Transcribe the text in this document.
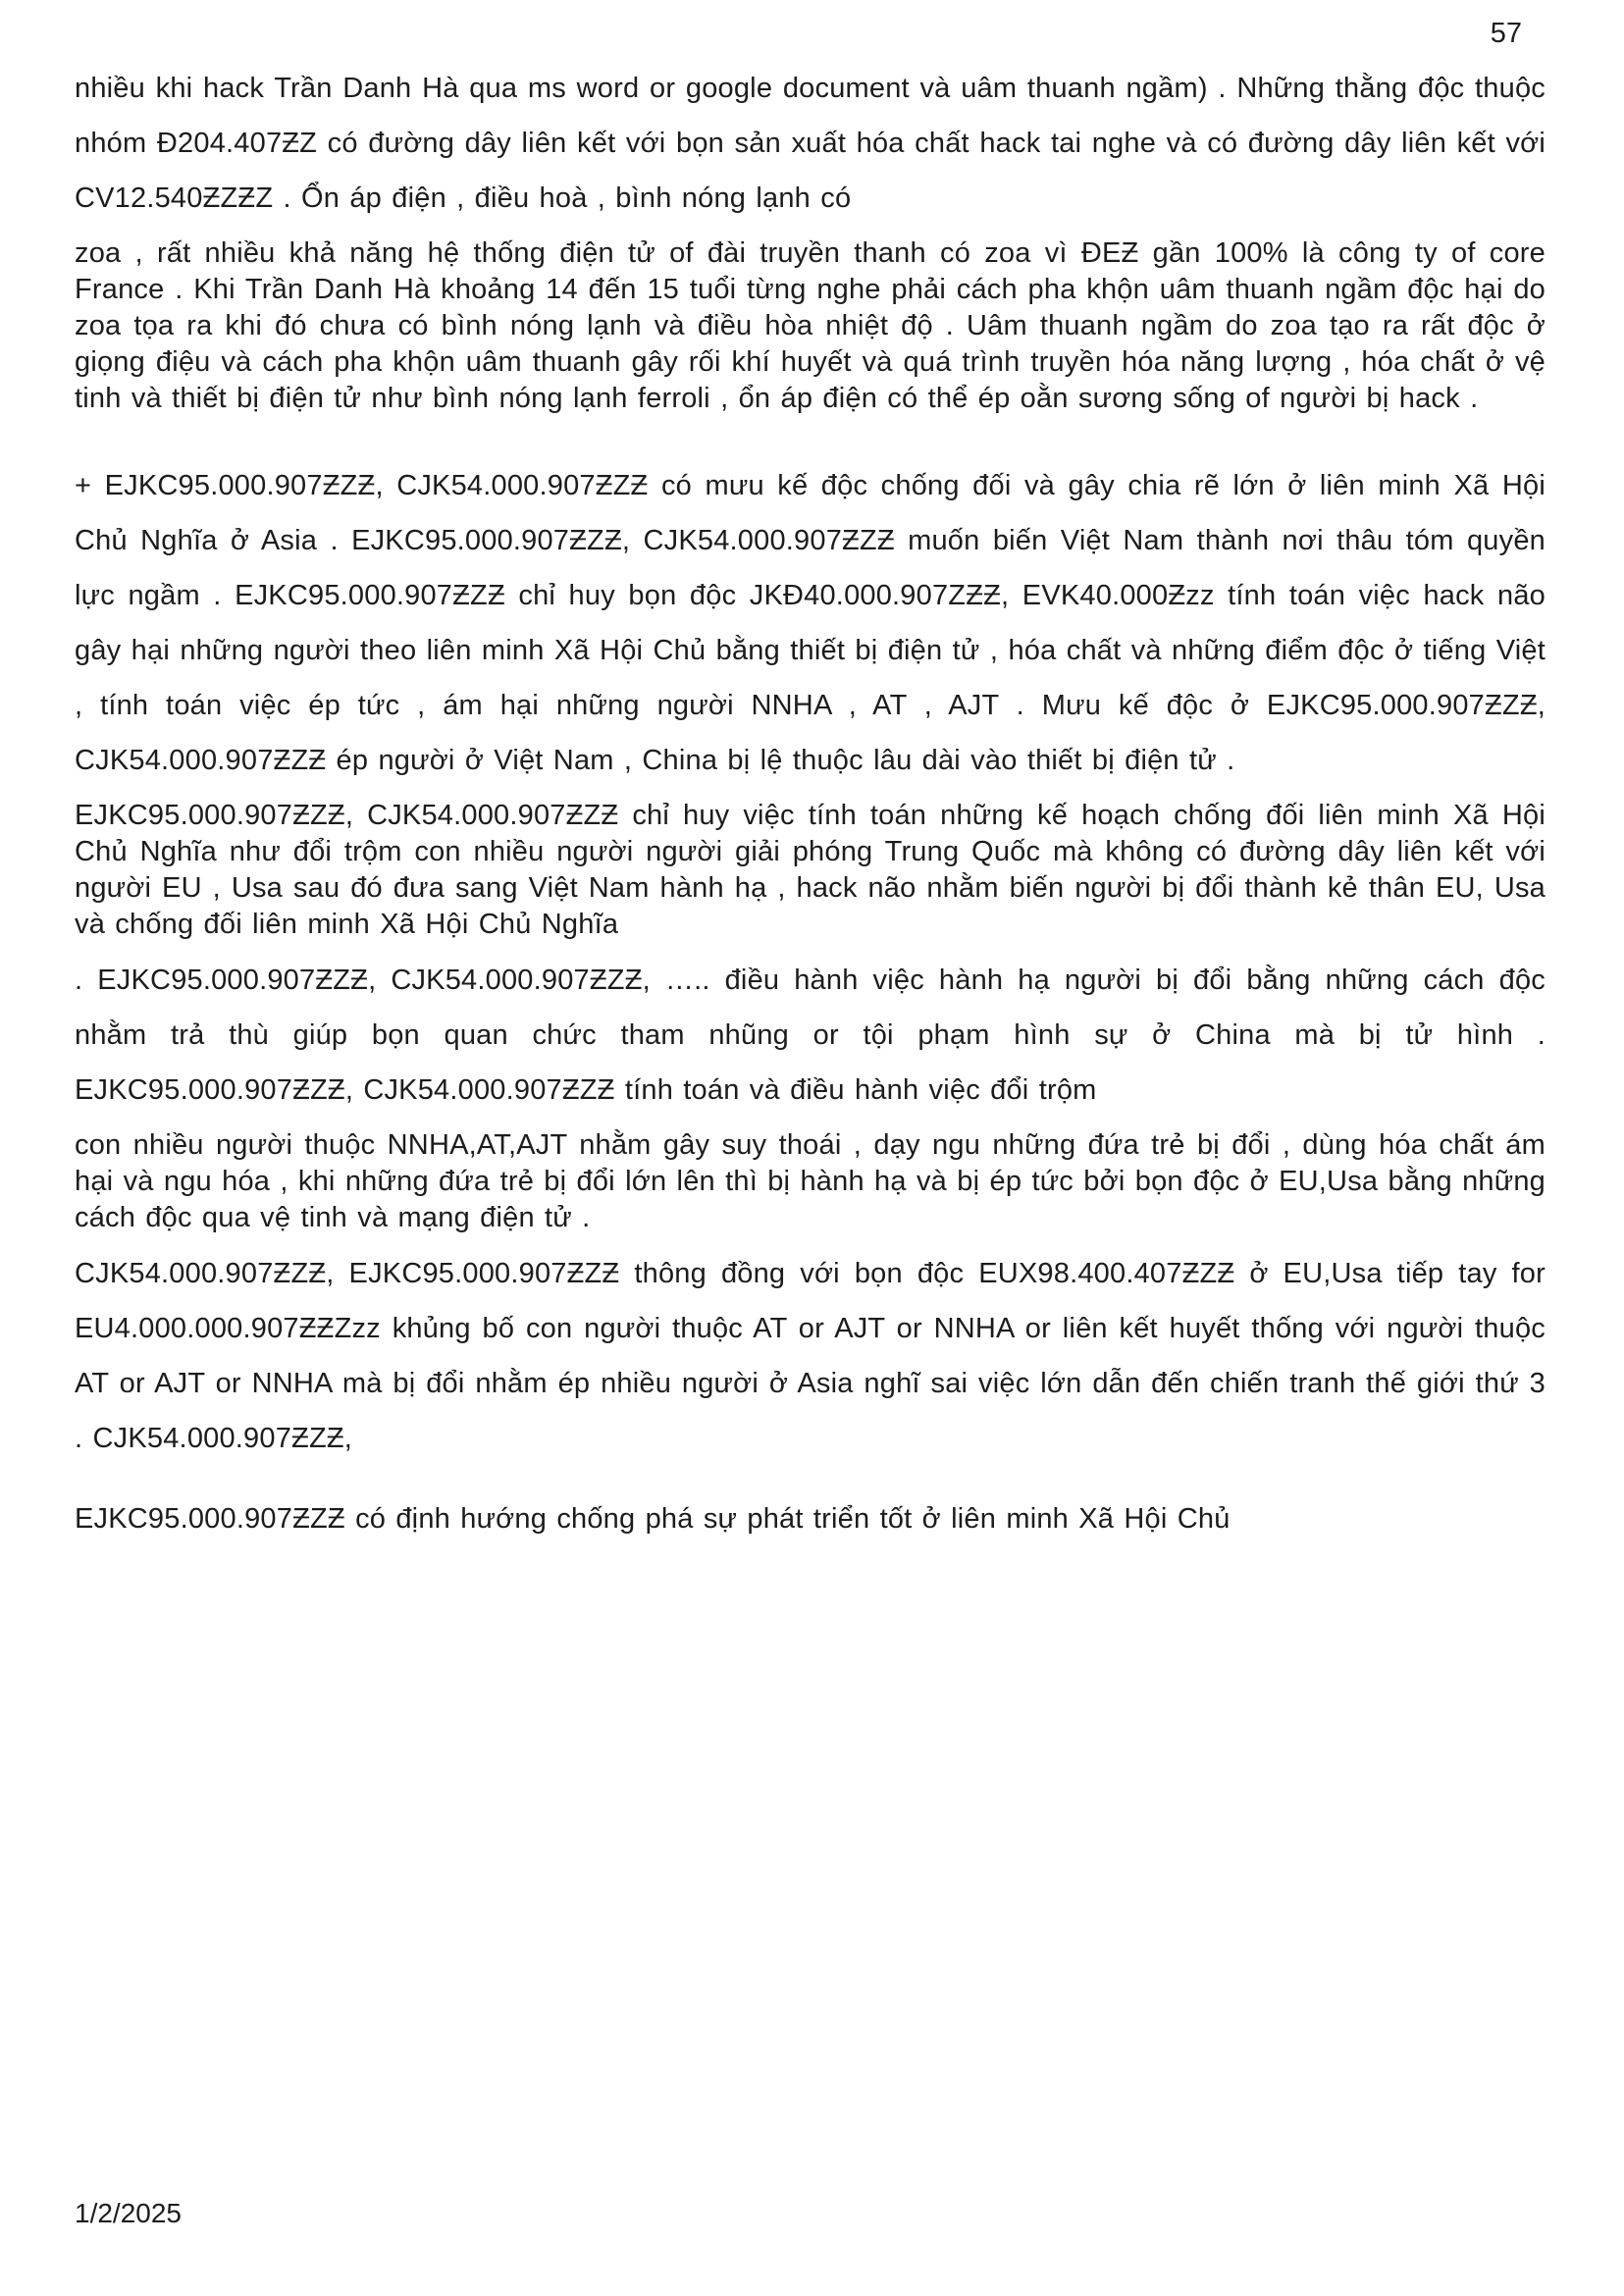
57

nhiều khi hack Trần Danh Hà qua ms word or google document và uâm thuanh ngầm) . Những thằng độc thuộc nhóm Đ204.407ƵZ có đường dây liên kết với bọn sản xuất hóa chất hack tai nghe và có đường dây liên kết với CV12.540ƵZƵZ . Ổn áp điện , điều hoà , bình nóng lạnh có

zoa , rất nhiều khả năng hệ thống điện tử of đài truyền thanh có zoa vì ĐEƵ gần 100% là công ty of core France . Khi Trần Danh Hà khoảng 14 đến 15 tuổi từng nghe phải cách pha khộn uâm thuanh ngầm độc hại do zoa tọa ra khi đó chưa có bình nóng lạnh và điều hòa nhiệt độ . Uâm thuanh ngầm do zoa tạo ra rất độc ở giọng điệu và cách pha khộn uâm thuanh gây rối khí huyết và quá trình truyền hóa năng lượng , hóa chất ở vệ tinh và thiết bị điện tử như bình nóng lạnh ferroli , ổn áp điện có thể ép oằn sương sống of người bị hack .

+ EJKC95.000.907ƵZƵ, CJK54.000.907ƵZƵ có mưu kế độc chống đối và gây chia rẽ lớn ở liên minh Xã Hội Chủ Nghĩa ở Asia . EJKC95.000.907ƵZƵ, CJK54.000.907ƵZƵ muốn biến Việt Nam thành nơi thâu tóm quyền lực ngầm . EJKC95.000.907ƵZƵ chỉ huy bọn độc JKĐ40.000.907ZƵƵ, EVK40.000Ƶzz tính toán việc hack não gây hại những người theo liên minh Xã Hội Chủ bằng thiết bị điện tử , hóa chất và những điểm độc ở tiếng Việt , tính toán việc ép tức , ám hại những người NNHA , AT , AJT . Mưu kế độc ở EJKC95.000.907ƵZƵ, CJK54.000.907ƵZƵ ép người ở Việt Nam , China bị lệ thuộc lâu dài vào thiết bị điện tử .

EJKC95.000.907ƵZƵ, CJK54.000.907ƵZƵ chỉ huy việc tính toán những kế hoạch chống đối liên minh Xã Hội Chủ Nghĩa như đổi trộm con nhiều người người giải phóng Trung Quốc mà không có đường dây liên kết với người EU , Usa sau đó đưa sang Việt Nam hành hạ , hack não nhằm biến người bị đổi thành kẻ thân EU, Usa và chống đối liên minh Xã Hội Chủ Nghĩa

. EJKC95.000.907ƵZƵ, CJK54.000.907ƵZƵ, ….. điều hành việc hành hạ người bị đổi bằng những cách độc nhằm trả thù giúp bọn quan chức tham nhũng or tội phạm hình sự ở China mà bị tử hình . EJKC95.000.907ƵZƵ, CJK54.000.907ƵZƵ tính toán và điều hành việc đổi trộm

con nhiều người thuộc NNHA,AT,AJT nhằm gây suy thoái , dạy ngu những đứa trẻ bị đổi , dùng hóa chất ám hại và ngu hóa , khi những đứa trẻ bị đổi lớn lên thì bị hành hạ và bị ép tức bởi bọn độc ở EU,Usa bằng những cách độc qua vệ tinh và mạng điện tử .

CJK54.000.907ƵZƵ, EJKC95.000.907ƵZƵ thông đồng với bọn độc EUX98.400.407ƵZƵ ở EU,Usa tiếp tay for EU4.000.000.907ƵƵZzz khủng bố con người thuộc AT or AJT or NNHA or liên kết huyết thống với người thuộc AT or AJT or NNHA mà bị đổi nhằm ép nhiều người ở Asia nghĩ sai việc lớn dẫn đến chiến tranh thế giới thứ 3 . CJK54.000.907ƵZƵ,

EJKC95.000.907ƵZƵ có định hướng chống phá sự phát triển tốt ở liên minh Xã Hội Chủ

1/2/2025
